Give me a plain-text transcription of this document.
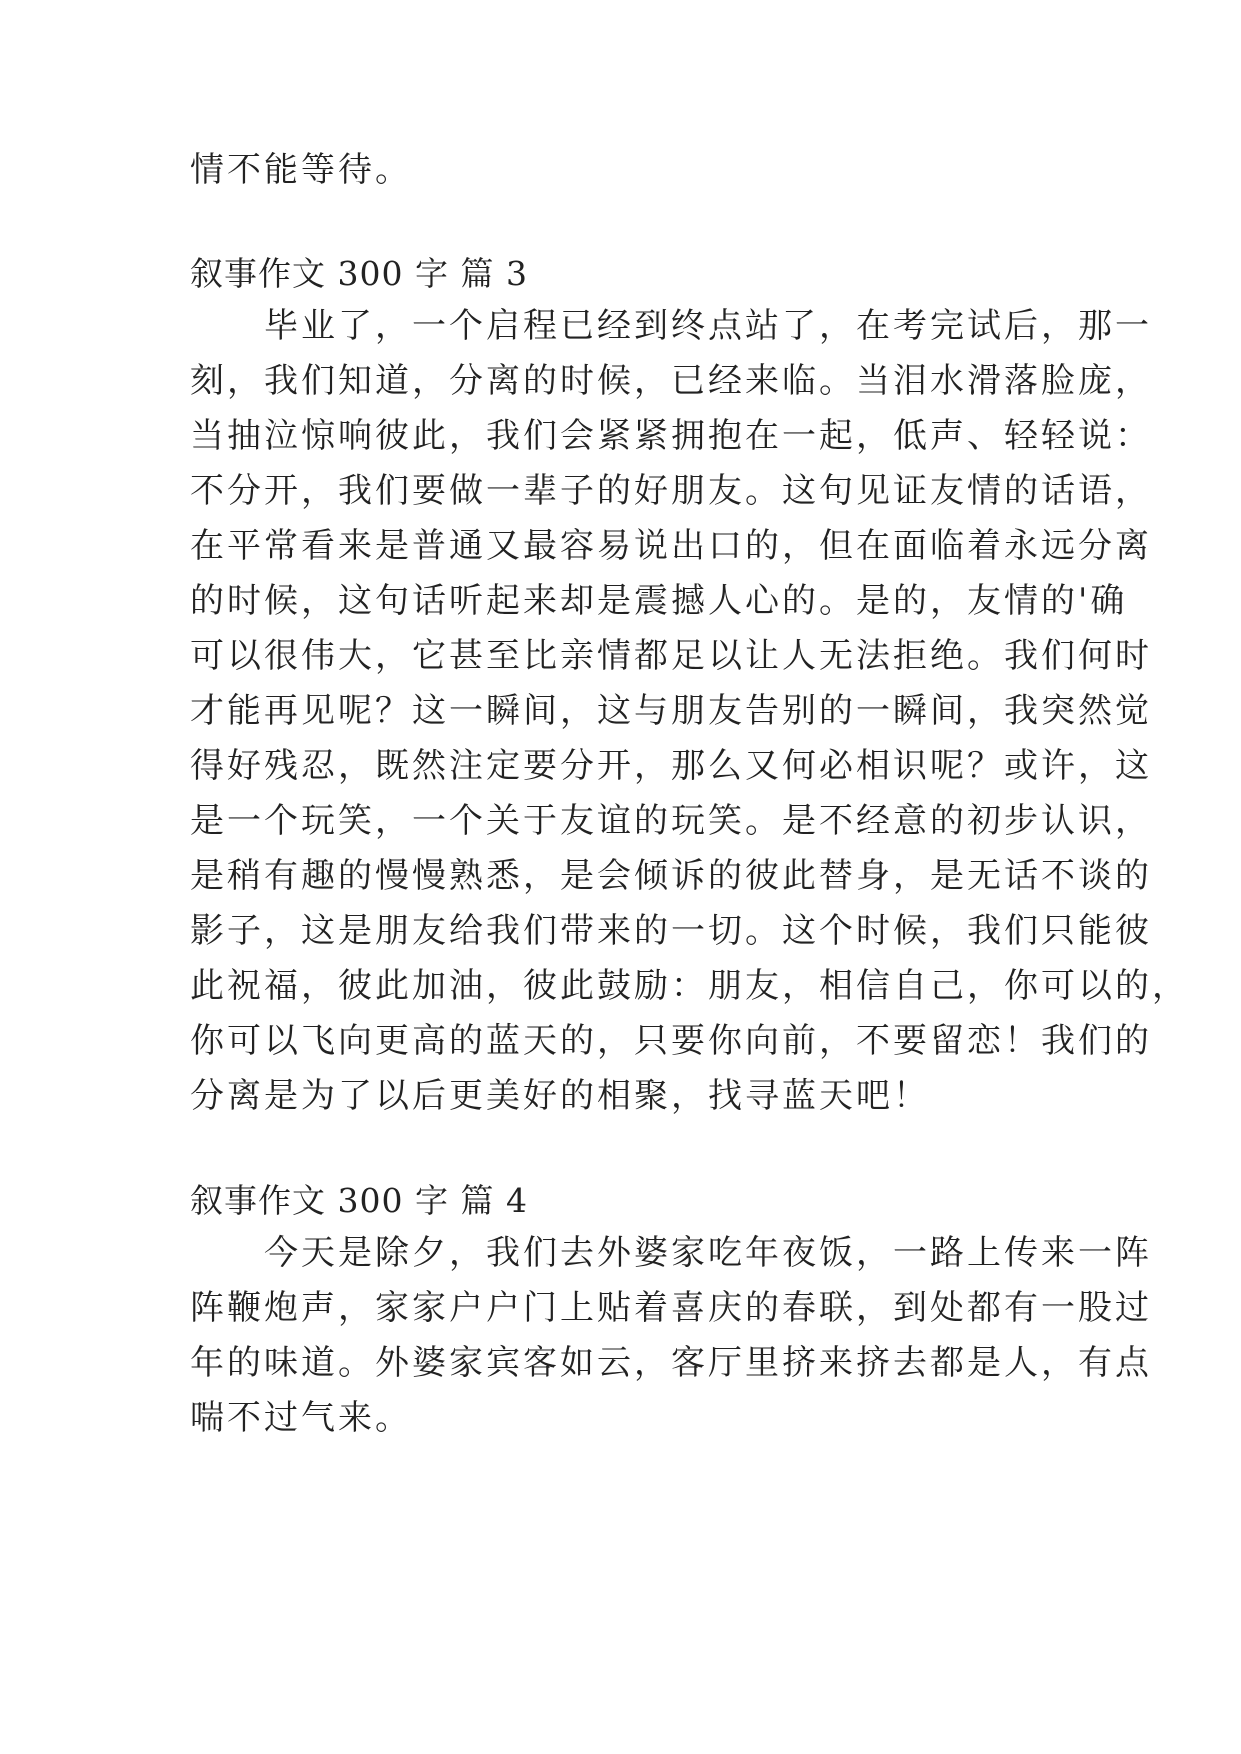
情不能等待。
叙事作文 300 字 篇 3
　　毕业了，一个启程已经到终点站了，在考完试后，那一
刻，我们知道，分离的时候，已经来临。当泪水滑落脸庞，
当抽泣惊响彼此，我们会紧紧拥抱在一起，低声、轻轻说：
不分开，我们要做一辈子的好朋友。这句见证友情的话语，
在平常看来是普通又最容易说出口的，但在面临着永远分离
的时候，这句话听起来却是震撼人心的。是的，友情的'确
可以很伟大，它甚至比亲情都足以让人无法拒绝。我们何时
才能再见呢？这一瞬间，这与朋友告别的一瞬间，我突然觉
得好残忍，既然注定要分开，那么又何必相识呢？或许，这
是一个玩笑，一个关于友谊的玩笑。是不经意的初步认识，
是稍有趣的慢慢熟悉，是会倾诉的彼此替身，是无话不谈的
影子，这是朋友给我们带来的一切。这个时候，我们只能彼
此祝福，彼此加油，彼此鼓励：朋友，相信自己，你可以的，
你可以飞向更高的蓝天的，只要你向前，不要留恋！我们的
分离是为了以后更美好的相聚，找寻蓝天吧！
叙事作文 300 字 篇 4
　　今天是除夕，我们去外婆家吃年夜饭，一路上传来一阵
阵鞭炮声，家家户户门上贴着喜庆的春联，到处都有一股过
年的味道。外婆家宾客如云，客厅里挤来挤去都是人，有点
喘不过气来。
